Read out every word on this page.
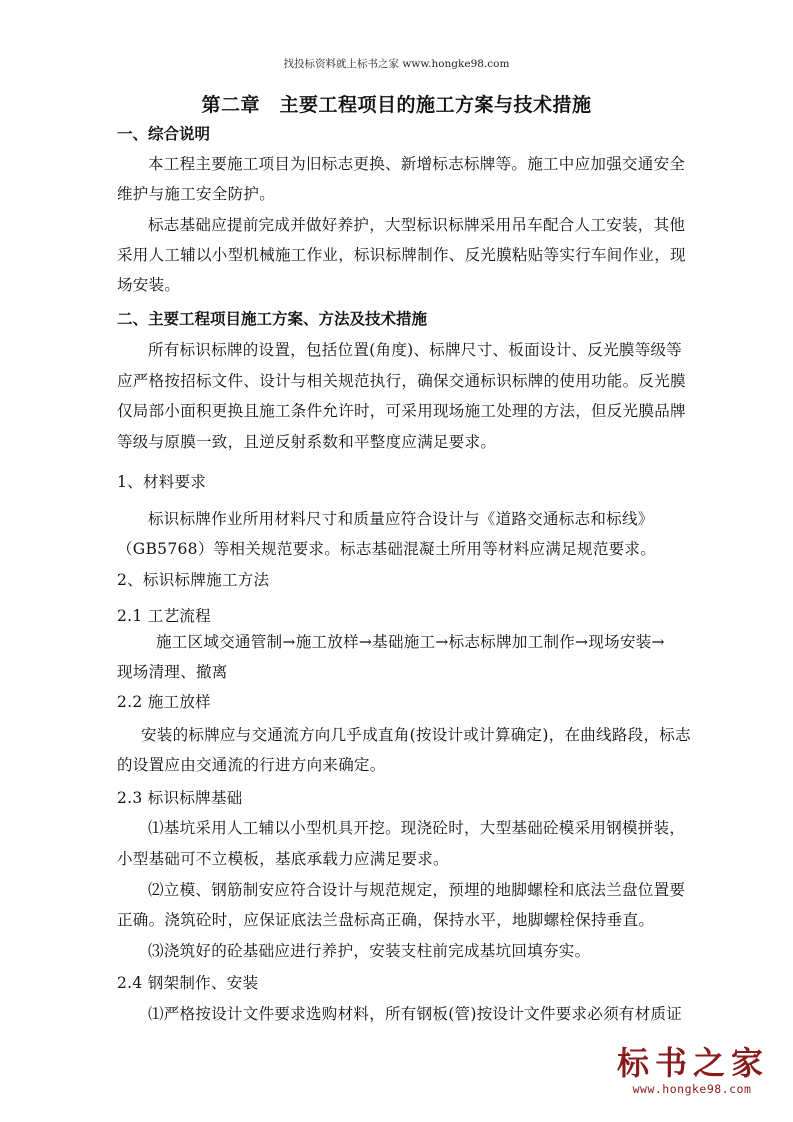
找投标资料就上标书之家 www.hongke98.com
第二章　主要工程项目的施工方案与技术措施
一、综合说明
本工程主要施工项目为旧标志更换、新增标志标牌等。施工中应加强交通安全
维护与施工安全防护。
标志基础应提前完成并做好养护，大型标识标牌采用吊车配合人工安装，其他
采用人工辅以小型机械施工作业，标识标牌制作、反光膜粘贴等实行车间作业，现
场安装。
二、主要工程项目施工方案、方法及技术措施
所有标识标牌的设置，包括位置(角度)、标牌尺寸、板面设计、反光膜等级等
应严格按招标文件、设计与相关规范执行，确保交通标识标牌的使用功能。反光膜
仅局部小面积更换且施工条件允许时，可采用现场施工处理的方法，但反光膜品牌
等级与原膜一致，且逆反射系数和平整度应满足要求。
1、材料要求
标识标牌作业所用材料尺寸和质量应符合设计与《道路交通标志和标线》
（GB5768）等相关规范要求。标志基础混凝土所用等材料应满足规范要求。
2、标识标牌施工方法
2.1 工艺流程
施工区域交通管制→施工放样→基础施工→标志标牌加工制作→现场安装→
现场清理、撤离
2.2 施工放样
安装的标牌应与交通流方向几乎成直角(按设计或计算确定)，在曲线路段，标志
的设置应由交通流的行进方向来确定。
2.3 标识标牌基础
⑴基坑采用人工辅以小型机具开挖。现浇砼时，大型基础砼模采用钢模拼装，
小型基础可不立模板，基底承载力应满足要求。
⑵立模、钢筋制安应符合设计与规范规定，预埋的地脚螺栓和底法兰盘位置要
正确。浇筑砼时，应保证底法兰盘标高正确，保持水平，地脚螺栓保持垂直。
⑶浇筑好的砼基础应进行养护，安装支柱前完成基坑回填夯实。
2.4 钢架制作、安装
⑴严格按设计文件要求选购材料，所有钢板(管)按设计文件要求必须有材质证
标书之家
www.hongke98.com
